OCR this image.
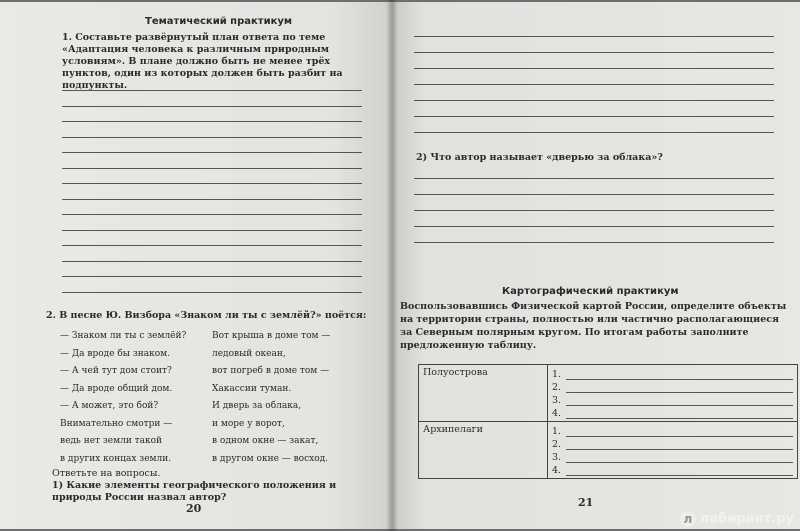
Тематический практикум
1. Составьте развёрнутый план ответа по теме «Адаптация человека к различным природным условиям». В плане должно быть не менее трёх пунктов, один из которых должен быть разбит на подпункты.
2. В песне Ю. Визбора «Знаком ли ты с землёй?» поётся:
— Знаком ли ты с землёй?
— Да вроде бы знаком.
— А чей тут дом стоит?
— Да вроде общий дом.
— А может, это бой?
Внимательно смотри —
ведь нет земли такой
в других концах земли.
Вот крыша в доме том —
ледовый океан,
вот погреб в доме том —
Хакассии туман.
И дверь за облака,
и море у ворот,
в одном окне — закат,
в другом окне — восход.
Ответьте на вопросы.
1) Какие элементы географического положения и природы России назвал автор?
20
2) Что автор называет «дверью за облака»?
Картографический практикум
Воспользовавшись Физической картой России, определите объекты на территории страны, полностью или частично располагающиеся за Северным полярным кругом. По итогам работы заполните предложенную таблицу.
21
Полуострова	1.
2.
3.
4.

Архипелаги	1.
2.
3.
4.
л лабиринт.ру
